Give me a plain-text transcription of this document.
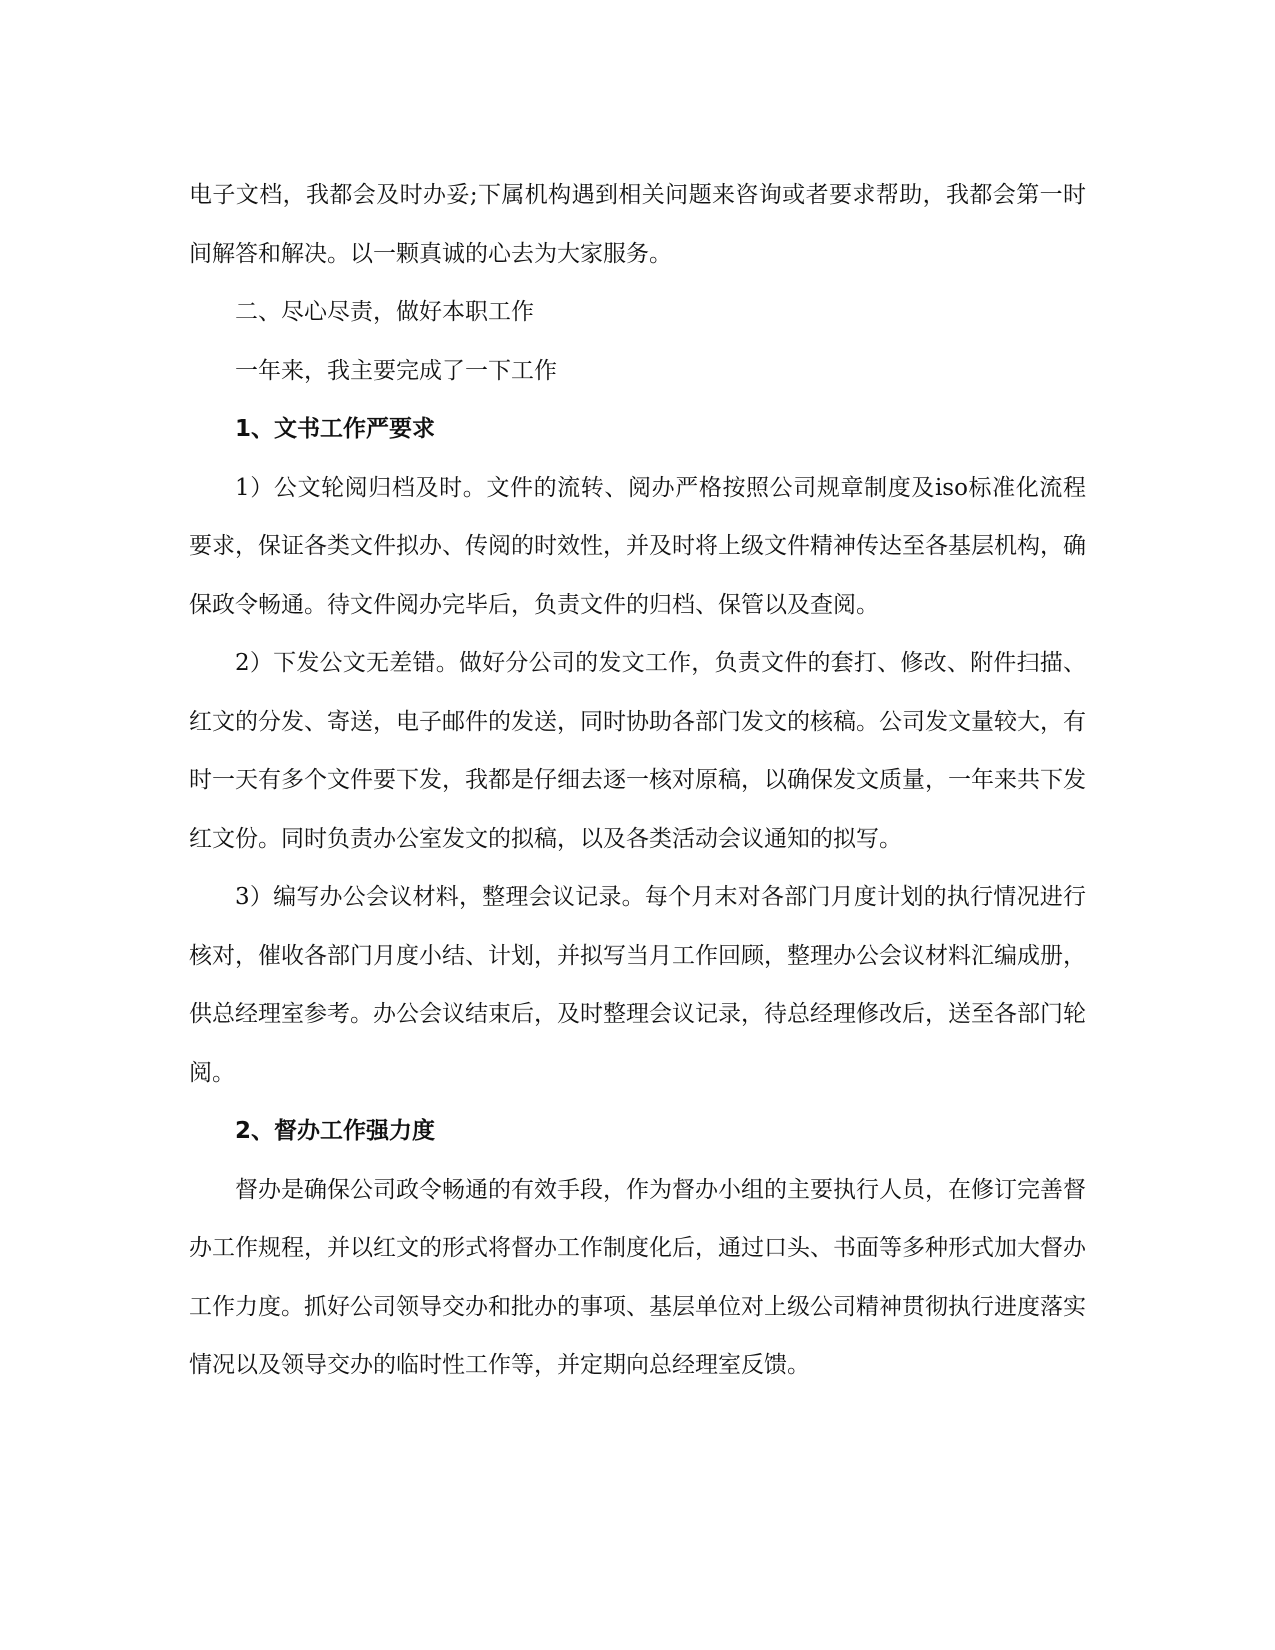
电子文档，我都会及时办妥;下属机构遇到相关问题来咨询或者要求帮助，我都会第一时间解答和解决。以一颗真诚的心去为大家服务。

二、尽心尽责，做好本职工作

一年来，我主要完成了一下工作

1、文书工作严要求

1）公文轮阅归档及时。文件的流转、阅办严格按照公司规章制度及iso标准化流程要求，保证各类文件拟办、传阅的时效性，并及时将上级文件精神传达至各基层机构，确保政令畅通。待文件阅办完毕后，负责文件的归档、保管以及查阅。

2）下发公文无差错。做好分公司的发文工作，负责文件的套打、修改、附件扫描、红文的分发、寄送，电子邮件的发送，同时协助各部门发文的核稿。公司发文量较大，有时一天有多个文件要下发，我都是仔细去逐一核对原稿，以确保发文质量，一年来共下发红文份。同时负责办公室发文的拟稿，以及各类活动会议通知的拟写。

3）编写办公会议材料，整理会议记录。每个月末对各部门月度计划的执行情况进行核对，催收各部门月度小结、计划，并拟写当月工作回顾，整理办公会议材料汇编成册，供总经理室参考。办公会议结束后，及时整理会议记录，待总经理修改后，送至各部门轮阅。

2、督办工作强力度

督办是确保公司政令畅通的有效手段，作为督办小组的主要执行人员，在修订完善督办工作规程，并以红文的形式将督办工作制度化后，通过口头、书面等多种形式加大督办工作力度。抓好公司领导交办和批办的事项、基层单位对上级公司精神贯彻执行进度落实情况以及领导交办的临时性工作等，并定期向总经理室反馈。
